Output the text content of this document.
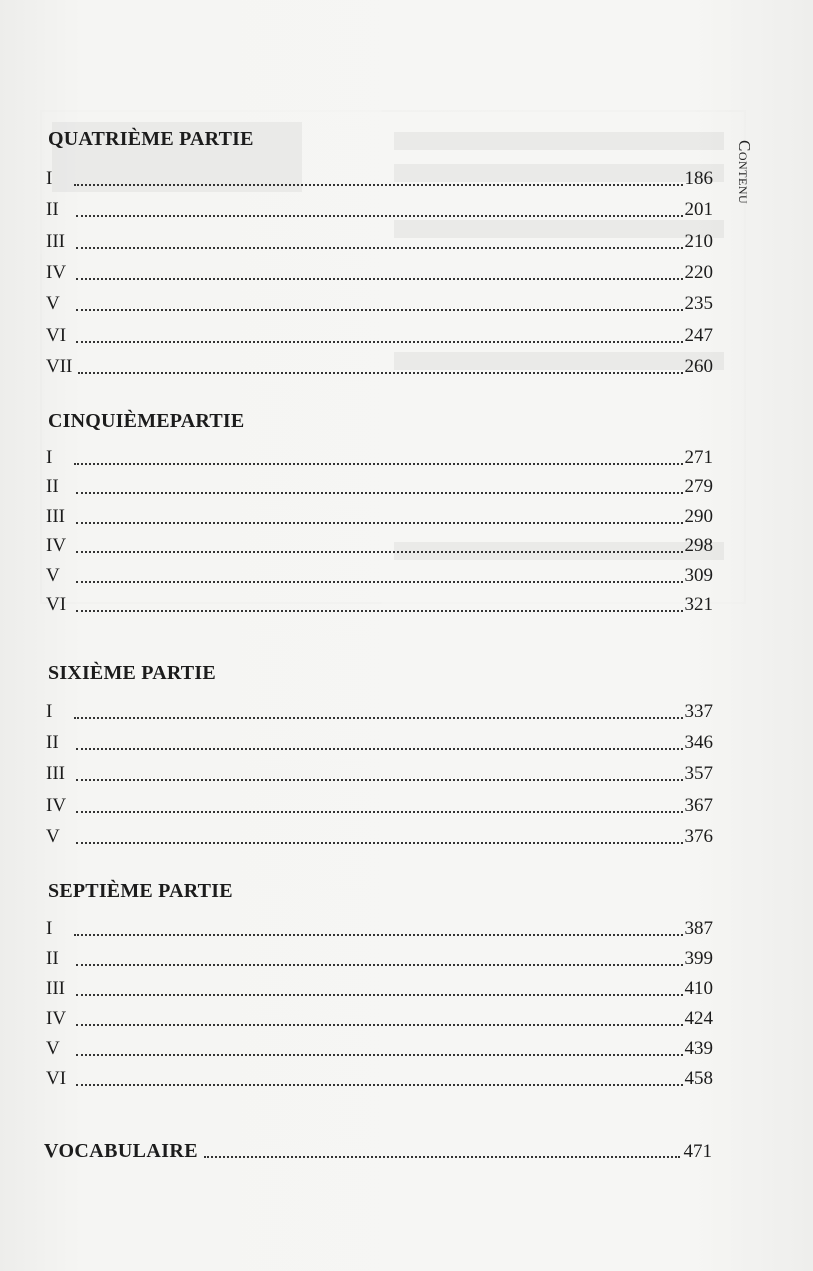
Contenu
QUATRIÈME PARTIE
I	186
II	201
III	210
IV	220
V	235
VI	247
VII	260
CINQUIÈMEPARTIE
I	271
II	279
III	290
IV	298
V	309
VI	321
SIXIÈME PARTIE
I	337
II	346
III	357
IV	367
V	376
SEPTIÈME PARTIE
I	387
II	399
III	410
IV	424
V	439
VI	458
VOCABULAIRE	471
